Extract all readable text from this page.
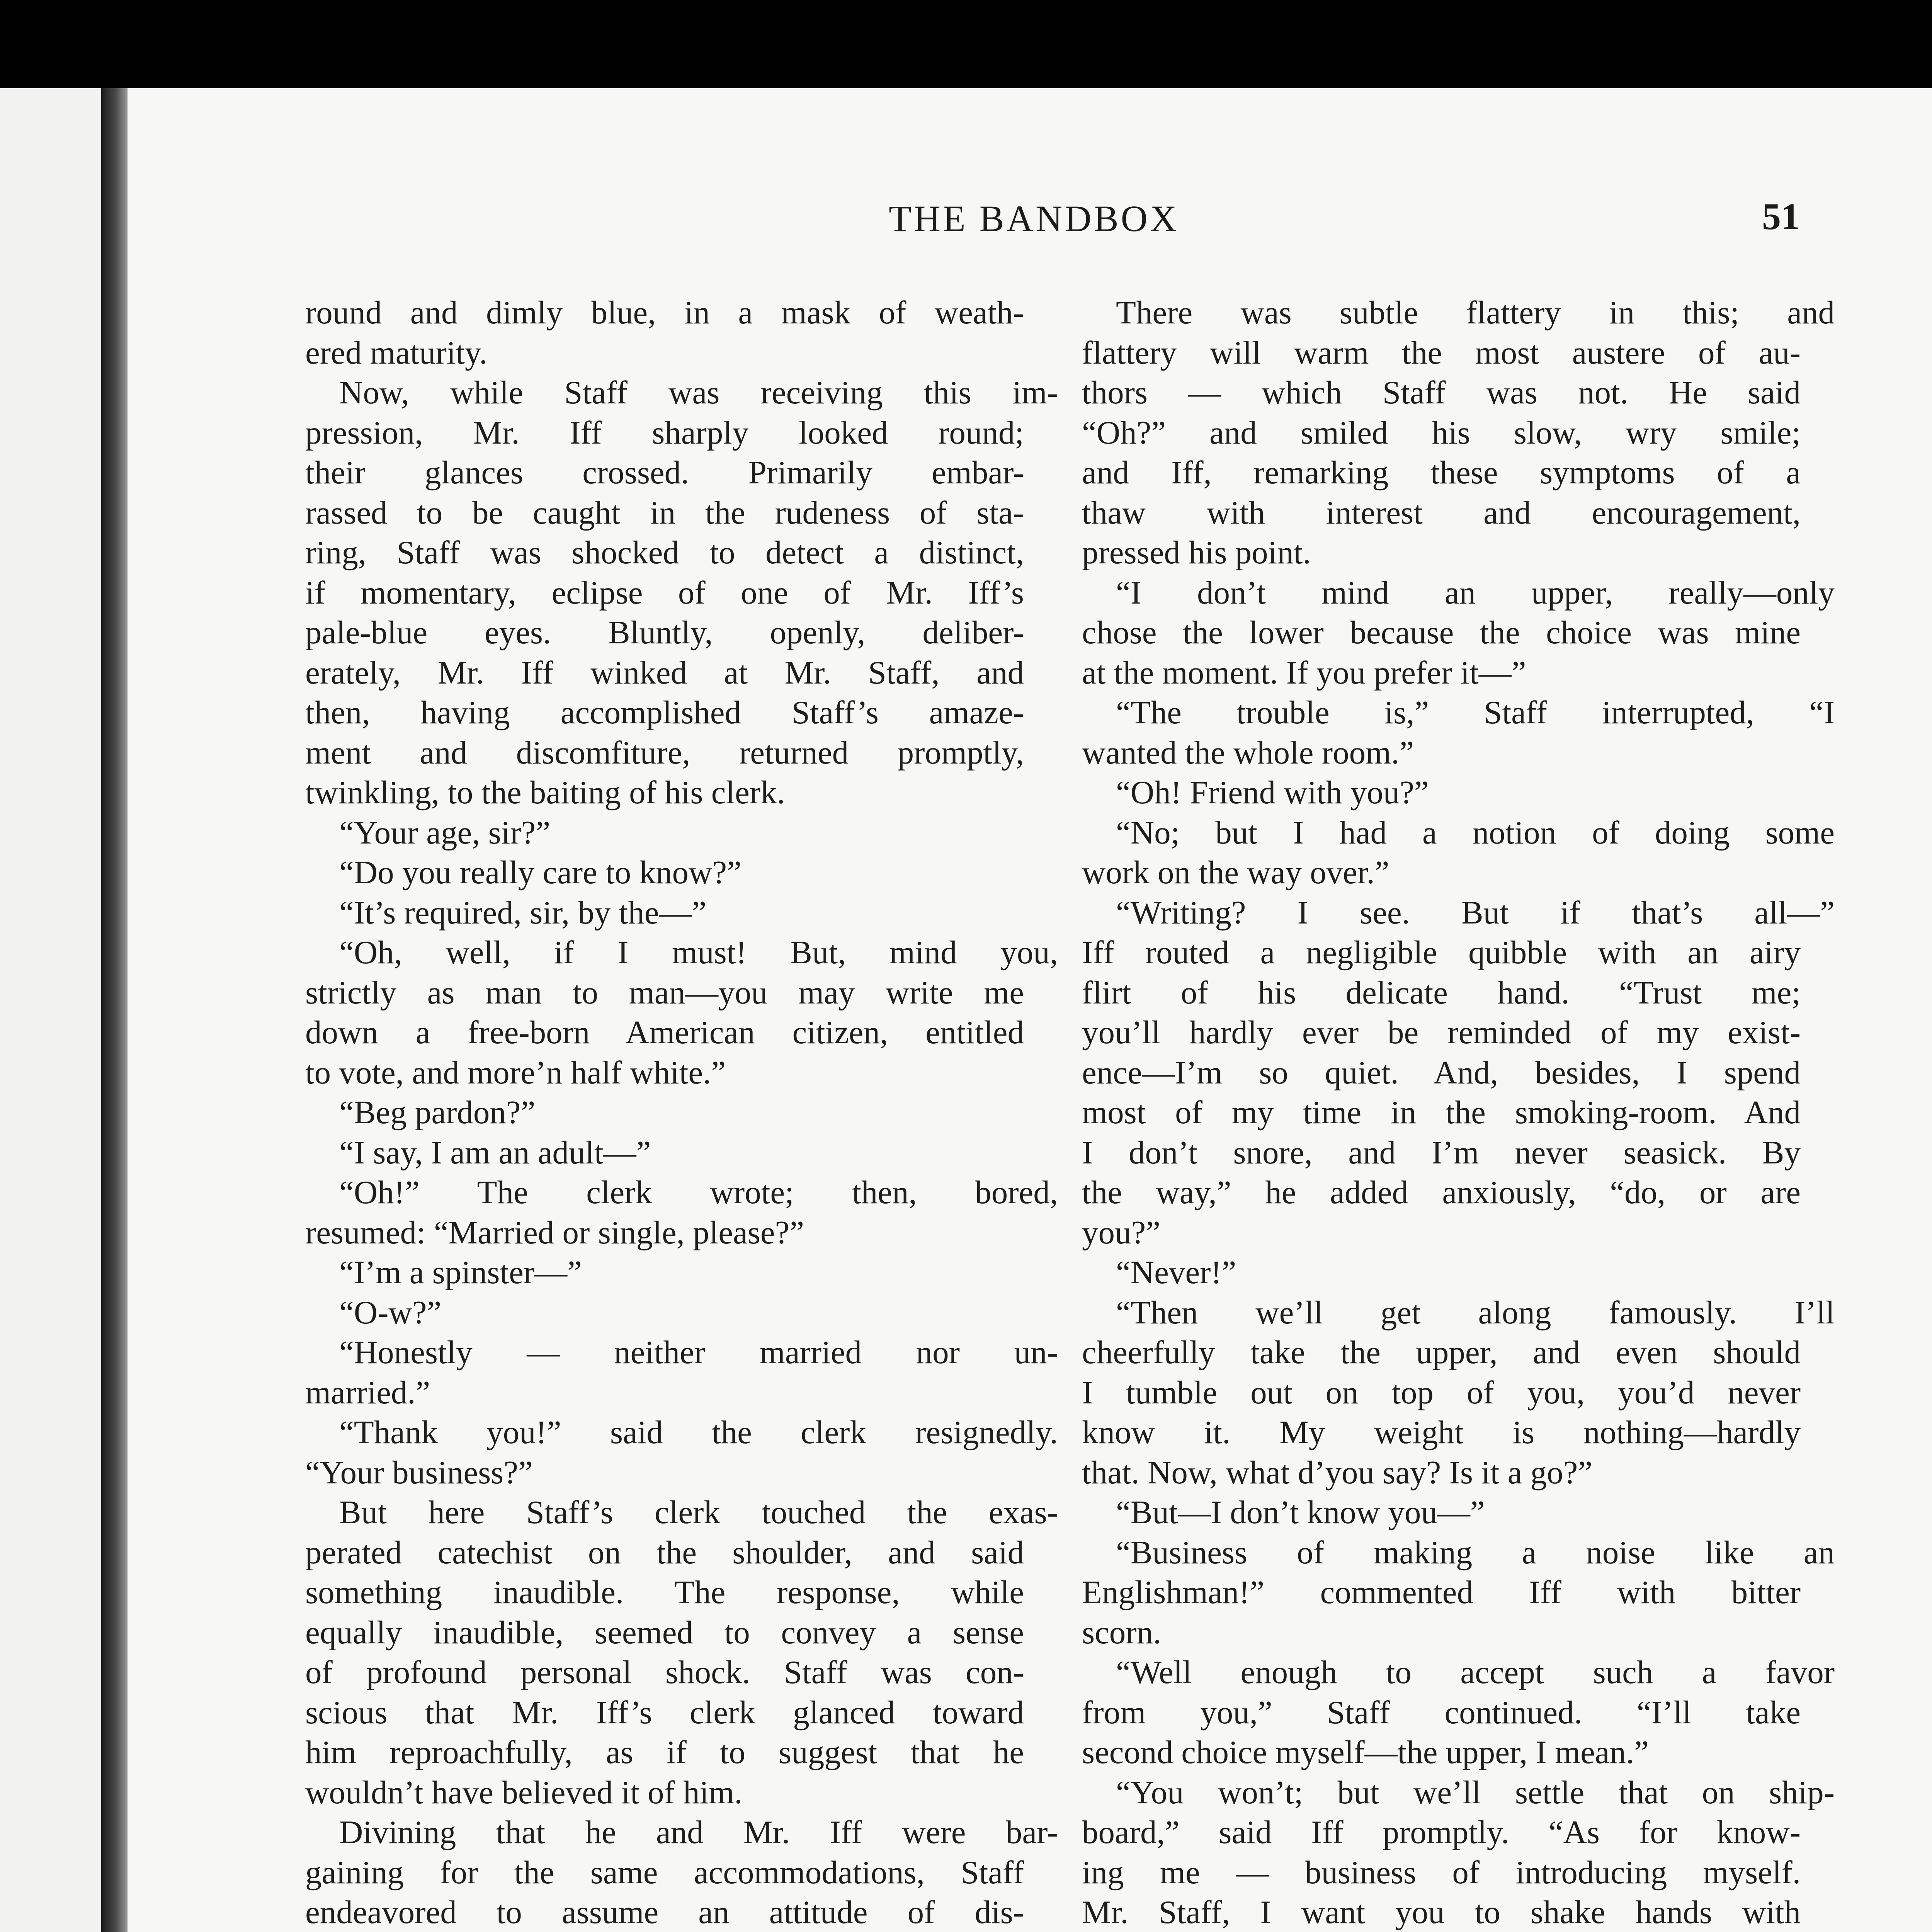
THE BANDBOX	51
round and dimly blue, in a mask of weath-
ered maturity.
Now, while Staff was receiving this im-
pression, Mr. Iff sharply looked round;
their glances crossed. Primarily embar-
rassed to be caught in the rudeness of sta-
ring, Staff was shocked to detect a distinct,
if momentary, eclipse of one of Mr. Iff’s
pale-blue eyes. Bluntly, openly, deliber-
erately, Mr. Iff winked at Mr. Staff, and
then, having accomplished Staff’s amaze-
ment and discomfiture, returned promptly,
twinkling, to the baiting of his clerk.
“Your age, sir?”
“Do you really care to know?”
“It’s required, sir, by the—”
“Oh, well, if I must! But, mind you,
strictly as man to man—you may write me
down a free-born American citizen, entitled
to vote, and more’n half white.”
“Beg pardon?”
“I say, I am an adult—”
“Oh!” The clerk wrote; then, bored,
resumed: “Married or single, please?”
“I’m a spinster—”
“O-w?”
“Honestly — neither married nor un-
married.”
“Thank you!” said the clerk resignedly.
“Your business?”
But here Staff’s clerk touched the exas-
perated catechist on the shoulder, and said
something inaudible. The response, while
equally inaudible, seemed to convey a sense
of profound personal shock. Staff was con-
scious that Mr. Iff’s clerk glanced toward
him reproachfully, as if to suggest that he
wouldn’t have believed it of him.
Divining that he and Mr. Iff were bar-
gaining for the same accommodations, Staff
endeavored to assume an attitude of dis-
There was subtle flattery in this; and
flattery will warm the most austere of au-
thors — which Staff was not. He said
“Oh?” and smiled his slow, wry smile;
and Iff, remarking these symptoms of a
thaw with interest and encouragement,
pressed his point.
“I don’t mind an upper, really—only
chose the lower because the choice was mine
at the moment. If you prefer it—”
“The trouble is,” Staff interrupted, “I
wanted the whole room.”
“Oh! Friend with you?”
“No; but I had a notion of doing some
work on the way over.”
“Writing? I see. But if that’s all—”
Iff routed a negligible quibble with an airy
flirt of his delicate hand. “Trust me;
you’ll hardly ever be reminded of my exist-
ence—I’m so quiet. And, besides, I spend
most of my time in the smoking-room. And
I don’t snore, and I’m never seasick. By
the way,” he added anxiously, “do, or are
you?”
“Never!”
“Then we’ll get along famously. I’ll
cheerfully take the upper, and even should
I tumble out on top of you, you’d never
know it. My weight is nothing—hardly
that. Now, what d’you say? Is it a go?”
“But—I don’t know you—”
“Business of making a noise like an
Englishman!” commented Iff with bitter
scorn.
“Well enough to accept such a favor
from you,” Staff continued. “I’ll take
second choice myself—the upper, I mean.”
“You won’t; but we’ll settle that on ship-
board,” said Iff promptly. “As for know-
ing me — business of introducing myself.
Mr. Staff, I want you to shake hands with
